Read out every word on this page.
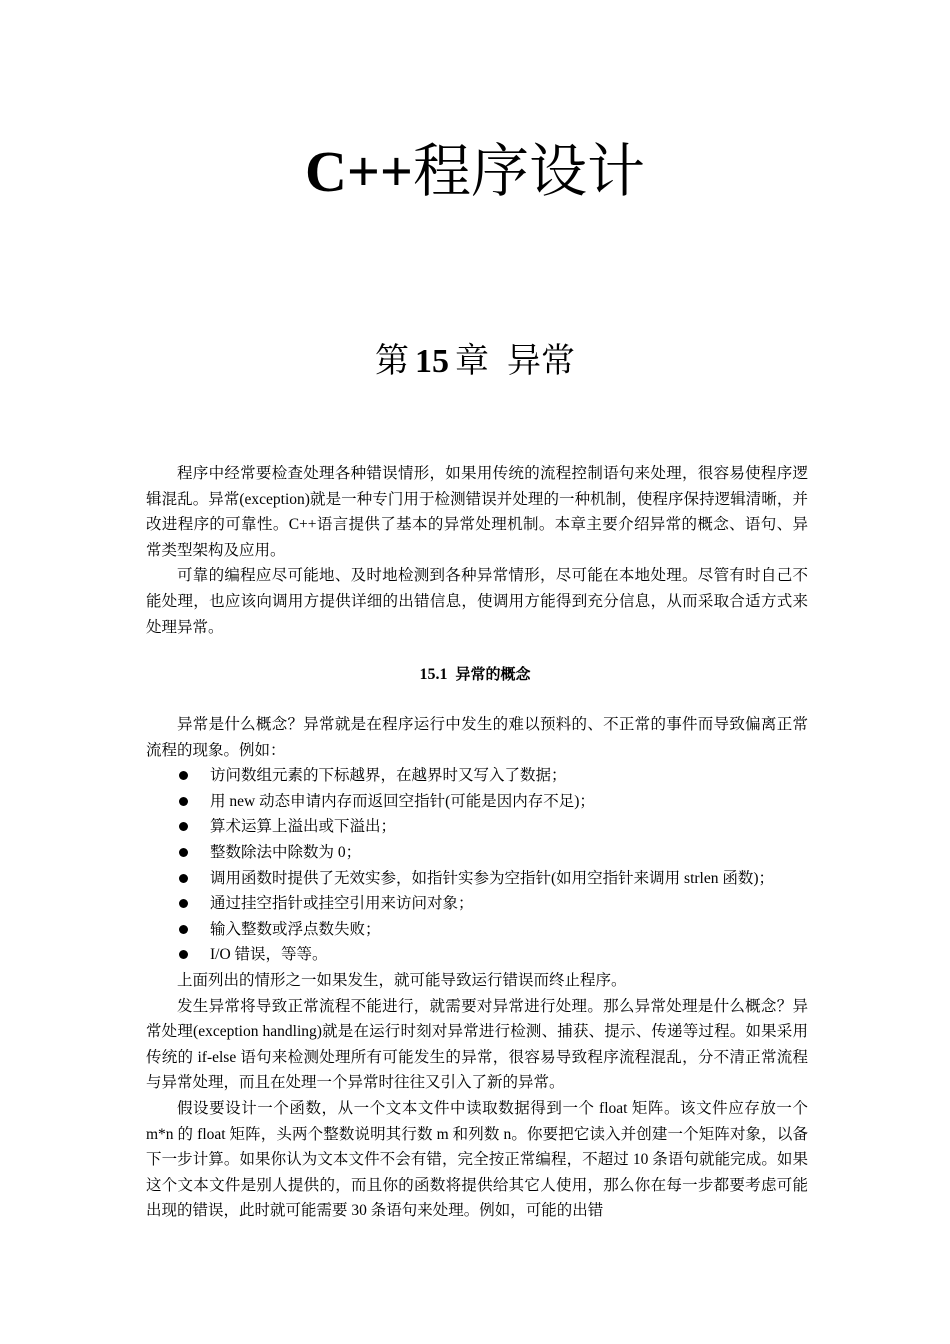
C++程序设计
第 15 章 异常

程序中经常要检查处理各种错误情形，如果用传统的流程控制语句来处理，很容易使程序逻辑混乱。异常(exception)就是一种专门用于检测错误并处理的一种机制，使程序保持逻辑清晰，并改进程序的可靠性。C++语言提供了基本的异常处理机制。本章主要介绍异常的概念、语句、异常类型架构及应用。

可靠的编程应尽可能地、及时地检测到各种异常情形，尽可能在本地处理。尽管有时自己不能处理，也应该向调用方提供详细的出错信息，使调用方能得到充分信息，从而采取合适方式来处理异常。

15.1 异常的概念

异常是什么概念？异常就是在程序运行中发生的难以预料的、不正常的事件而导致偏离正常流程的现象。例如：

访问数组元素的下标越界，在越界时又写入了数据；
用 new 动态申请内存而返回空指针(可能是因内存不足)；
算术运算上溢出或下溢出；
整数除法中除数为 0；
调用函数时提供了无效实参，如指针实参为空指针(如用空指针来调用 strlen 函数)；
通过挂空指针或挂空引用来访问对象；
输入整数或浮点数失败；
I/O 错误，等等。

上面列出的情形之一如果发生，就可能导致运行错误而终止程序。

发生异常将导致正常流程不能进行，就需要对异常进行处理。那么异常处理是什么概念？异常处理(exception handling)就是在运行时刻对异常进行检测、捕获、提示、传递等过程。如果采用传统的 if-else 语句来检测处理所有可能发生的异常，很容易导致程序流程混乱，分不清正常流程与异常处理，而且在处理一个异常时往往又引入了新的异常。

假设要设计一个函数，从一个文本文件中读取数据得到一个 float 矩阵。该文件应存放一个 m*n 的 float 矩阵，头两个整数说明其行数 m 和列数 n。你要把它读入并创建一个矩阵对象，以备下一步计算。如果你认为文本文件不会有错，完全按正常编程，不超过 10 条语句就能完成。如果这个文本文件是别人提供的，而且你的函数将提供给其它人使用，那么你在每一步都要考虑可能出现的错误，此时就可能需要 30 条语句来处理。例如，可能的出错
